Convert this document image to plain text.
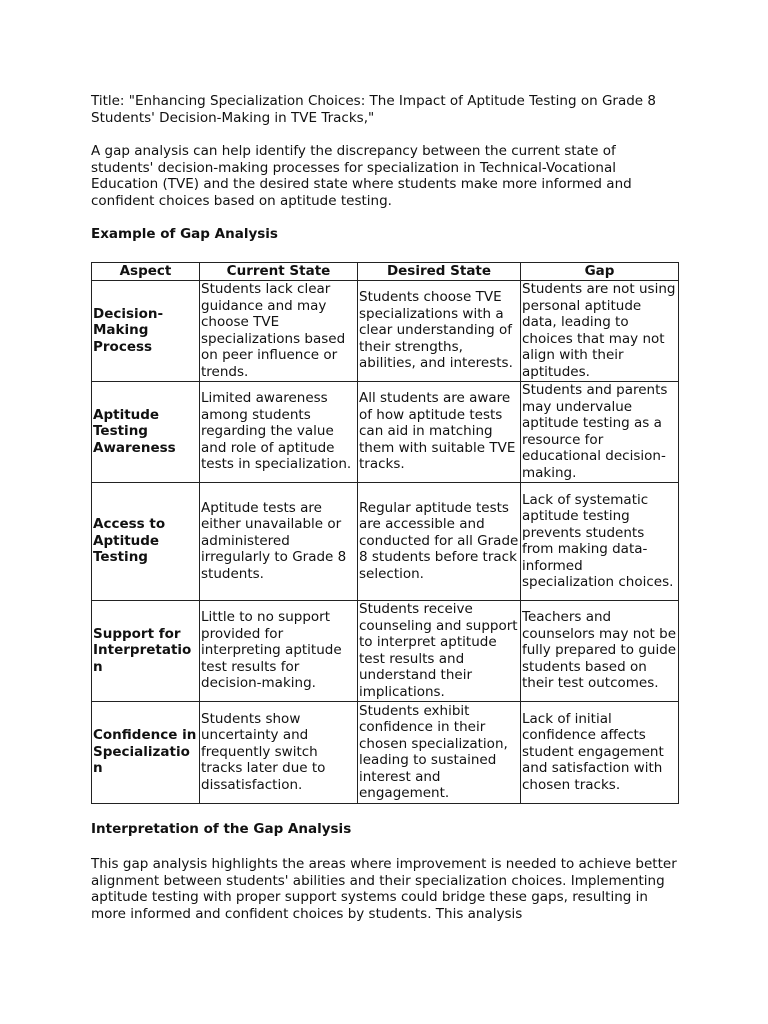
Title: "Enhancing Specialization Choices: The Impact of Aptitude Testing on Grade 8 Students' Decision-Making in TVE Tracks,"

A gap analysis can help identify the discrepancy between the current state of students' decision-making processes for specialization in Technical-Vocational Education (TVE) and the desired state where students make more informed and confident choices based on aptitude testing.

Example of Gap Analysis

Aspect	Current State	Desired State	Gap
Decision-Making Process	Students lack clear guidance and may choose TVE specializations based on peer influence or trends.	Students choose TVE specializations with a clear understanding of their strengths, abilities, and interests.	Students are not using personal aptitude data, leading to choices that may not align with their aptitudes.
Aptitude Testing Awareness	Limited awareness among students regarding the value and role of aptitude tests in specialization.	All students are aware of how aptitude tests can aid in matching them with suitable TVE tracks.	Students and parents may undervalue aptitude testing as a resource for educational decision-making.
Access to Aptitude Testing	Aptitude tests are either unavailable or administered irregularly to Grade 8 students.	Regular aptitude tests are accessible and conducted for all Grade 8 students before track selection.	Lack of systematic aptitude testing prevents students from making data-informed specialization choices.
Support for Interpretation	Little to no support provided for interpreting aptitude test results for decision-making.	Students receive counseling and support to interpret aptitude test results and understand their implications.	Teachers and counselors may not be fully prepared to guide students based on their test outcomes.
Confidence in Specialization	Students show uncertainty and frequently switch tracks later due to dissatisfaction.	Students exhibit confidence in their chosen specialization, leading to sustained interest and engagement.	Lack of initial confidence affects student engagement and satisfaction with chosen tracks.

Interpretation of the Gap Analysis

This gap analysis highlights the areas where improvement is needed to achieve better alignment between students' abilities and their specialization choices. Implementing aptitude testing with proper support systems could bridge these gaps, resulting in more informed and confident choices by students. This analysis
